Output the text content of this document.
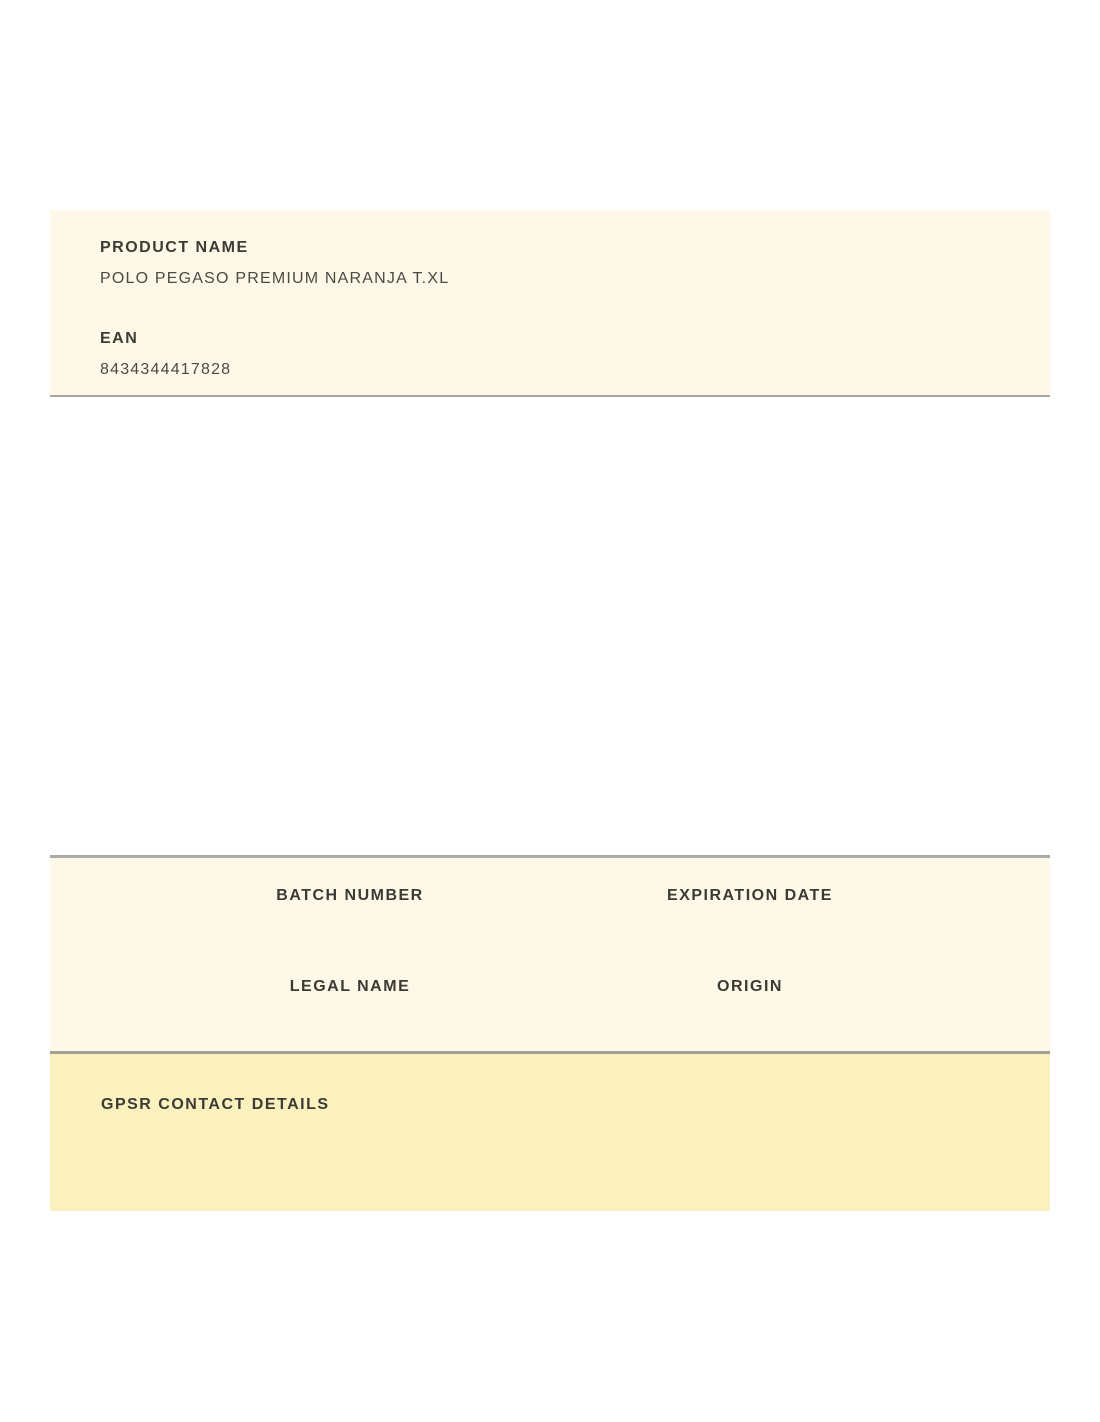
PRODUCT NAME
POLO PEGASO PREMIUM NARANJA T.XL
EAN
8434344417828
BATCH NUMBER	EXPIRATION DATE
LEGAL NAME	ORIGIN
GPSR CONTACT DETAILS
